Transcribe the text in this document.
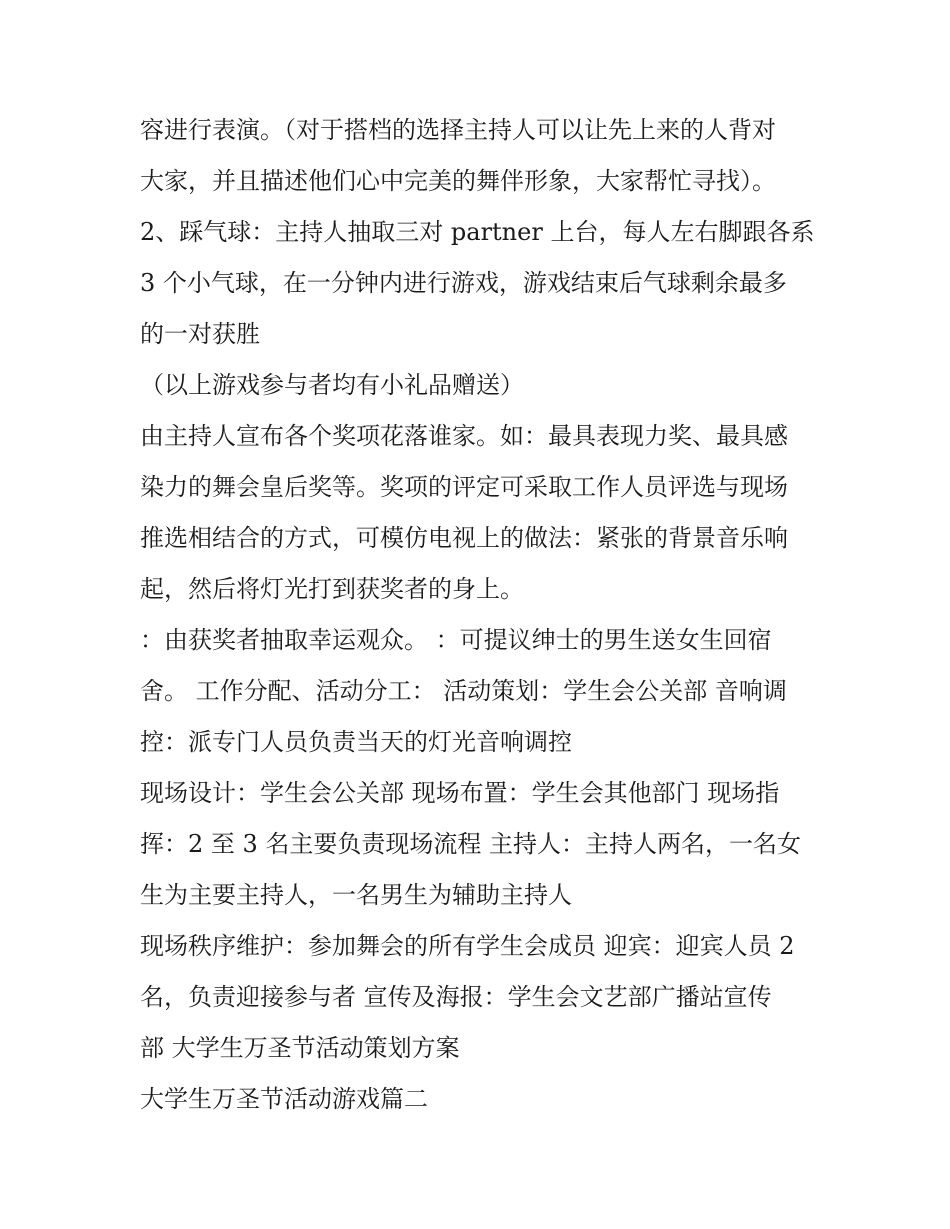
容进行表演。（对于搭档的选择主持人可以让先上来的人背对
大家，并且描述他们心中完美的舞伴形象，大家帮忙寻找）。
2、踩气球：主持人抽取三对 partner 上台，每人左右脚跟各系
3 个小气球，在一分钟内进行游戏，游戏结束后气球剩余最多
的一对获胜
（以上游戏参与者均有小礼品赠送）
由主持人宣布各个奖项花落谁家。如：最具表现力奖、最具感
染力的舞会皇后奖等。奖项的评定可采取工作人员评选与现场
推选相结合的方式，可模仿电视上的做法：紧张的背景音乐响
起，然后将灯光打到获奖者的身上。
：由获奖者抽取幸运观众。 ：可提议绅士的男生送女生回宿
舍。 工作分配、活动分工： 活动策划：学生会公关部 音响调
控：派专门人员负责当天的灯光音响调控
现场设计：学生会公关部 现场布置：学生会其他部门 现场指
挥：2 至 3 名主要负责现场流程 主持人：主持人两名，一名女
生为主要主持人，一名男生为辅助主持人
现场秩序维护：参加舞会的所有学生会成员 迎宾：迎宾人员 2
名，负责迎接参与者 宣传及海报：学生会文艺部广播站宣传
部 大学生万圣节活动策划方案
大学生万圣节活动游戏篇二
